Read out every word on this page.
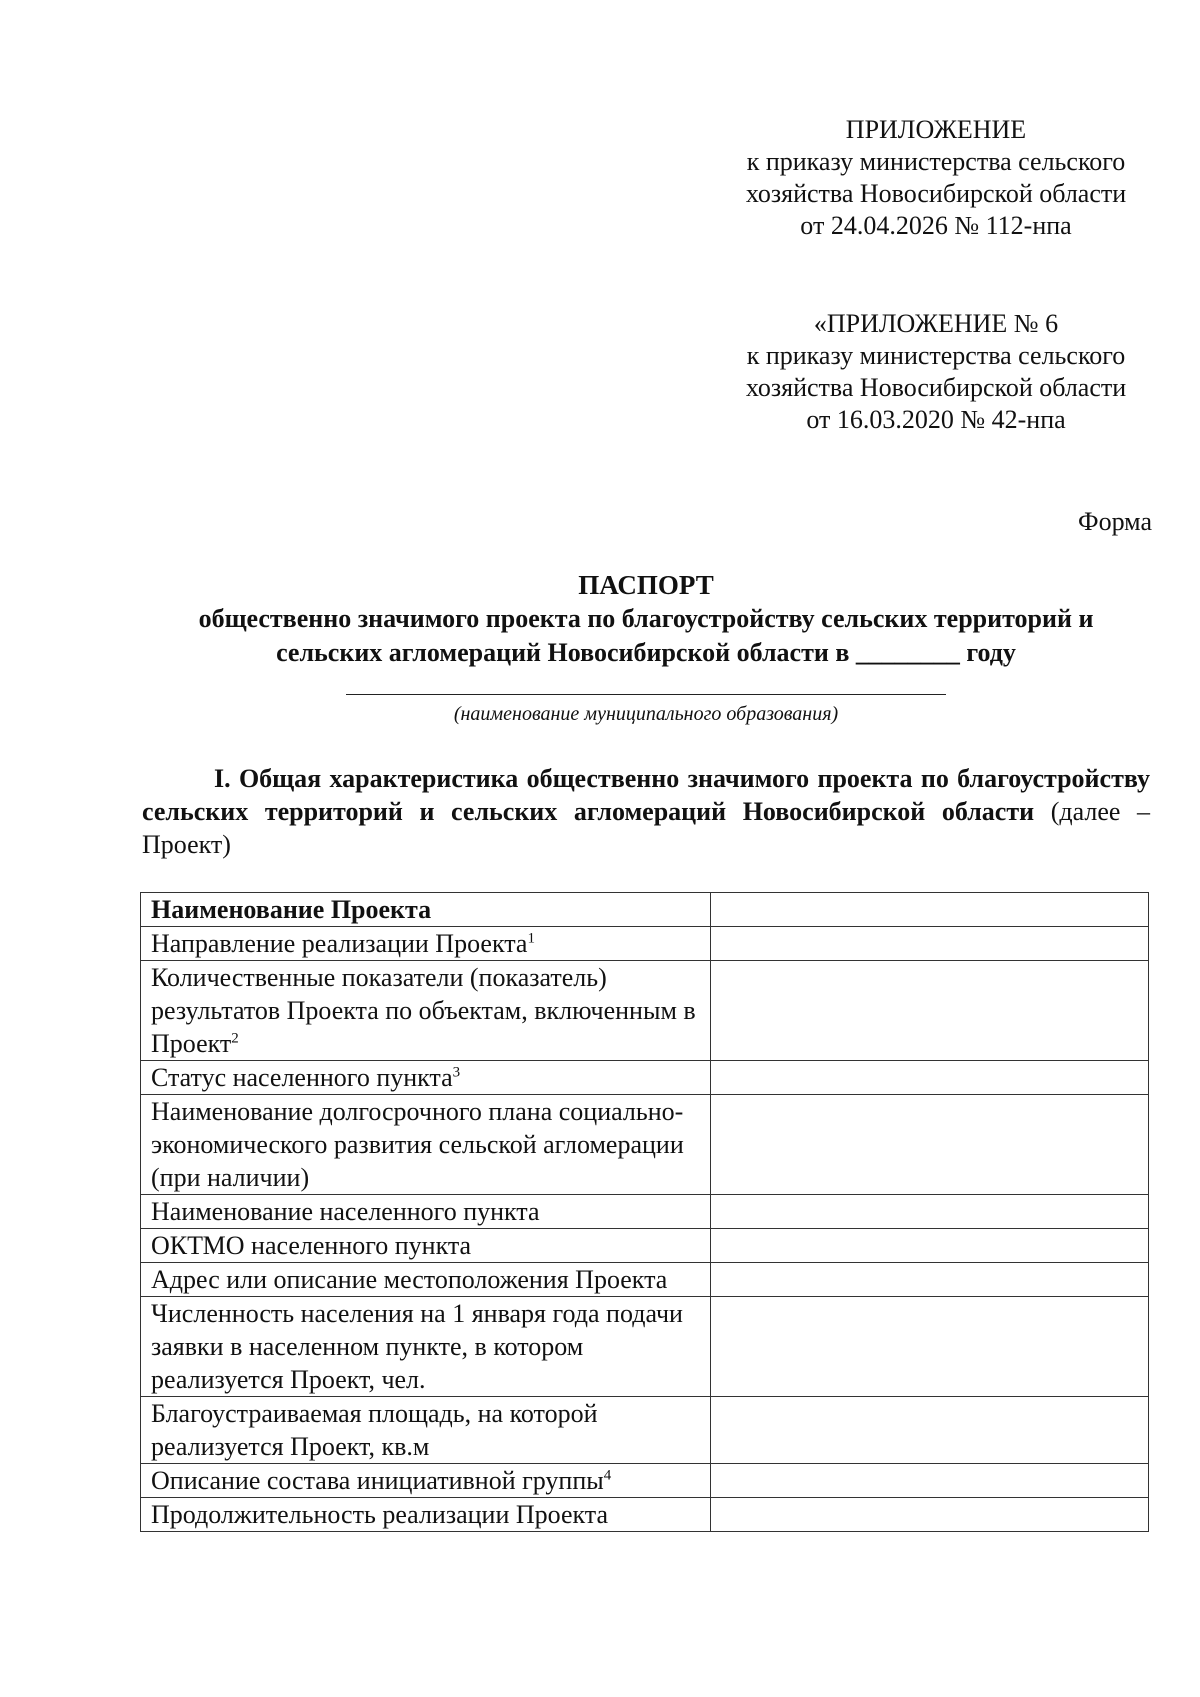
ПРИЛОЖЕНИЕ
к приказу министерства сельского
хозяйства Новосибирской области
от 24.04.2026 № 112-нпа
«ПРИЛОЖЕНИЕ № 6
к приказу министерства сельского
хозяйства Новосибирской области
от 16.03.2020 № 42-нпа
Форма
ПАСПОРТ
общественно значимого проекта по благоустройству сельских территорий и
сельских агломераций Новосибирской области в ________ году
(наименование муниципального образования)
I. Общая характеристика общественно значимого проекта по благоустройству сельских территорий и сельских агломераций Новосибирской области (далее – Проект)
Наименование Проекта	
Направление реализации Проекта$^1$	
Количественные показатели (показатель) результатов Проекта по объектам, включенным в Проект$^2$	
Статус населенного пункта$^3$	
Наименование долгосрочного плана социально-экономического развития сельской агломерации (при наличии)	
Наименование населенного пункта	
ОКТМО населенного пункта	
Адрес или описание местоположения Проекта	
Численность населения на 1 января года подачи заявки в населенном пункте, в котором реализуется Проект, чел.	
Благоустраиваемая площадь, на которой реализуется Проект, кв.м	
Описание состава инициативной группы$^4$	
Продолжительность реализации Проекта	
